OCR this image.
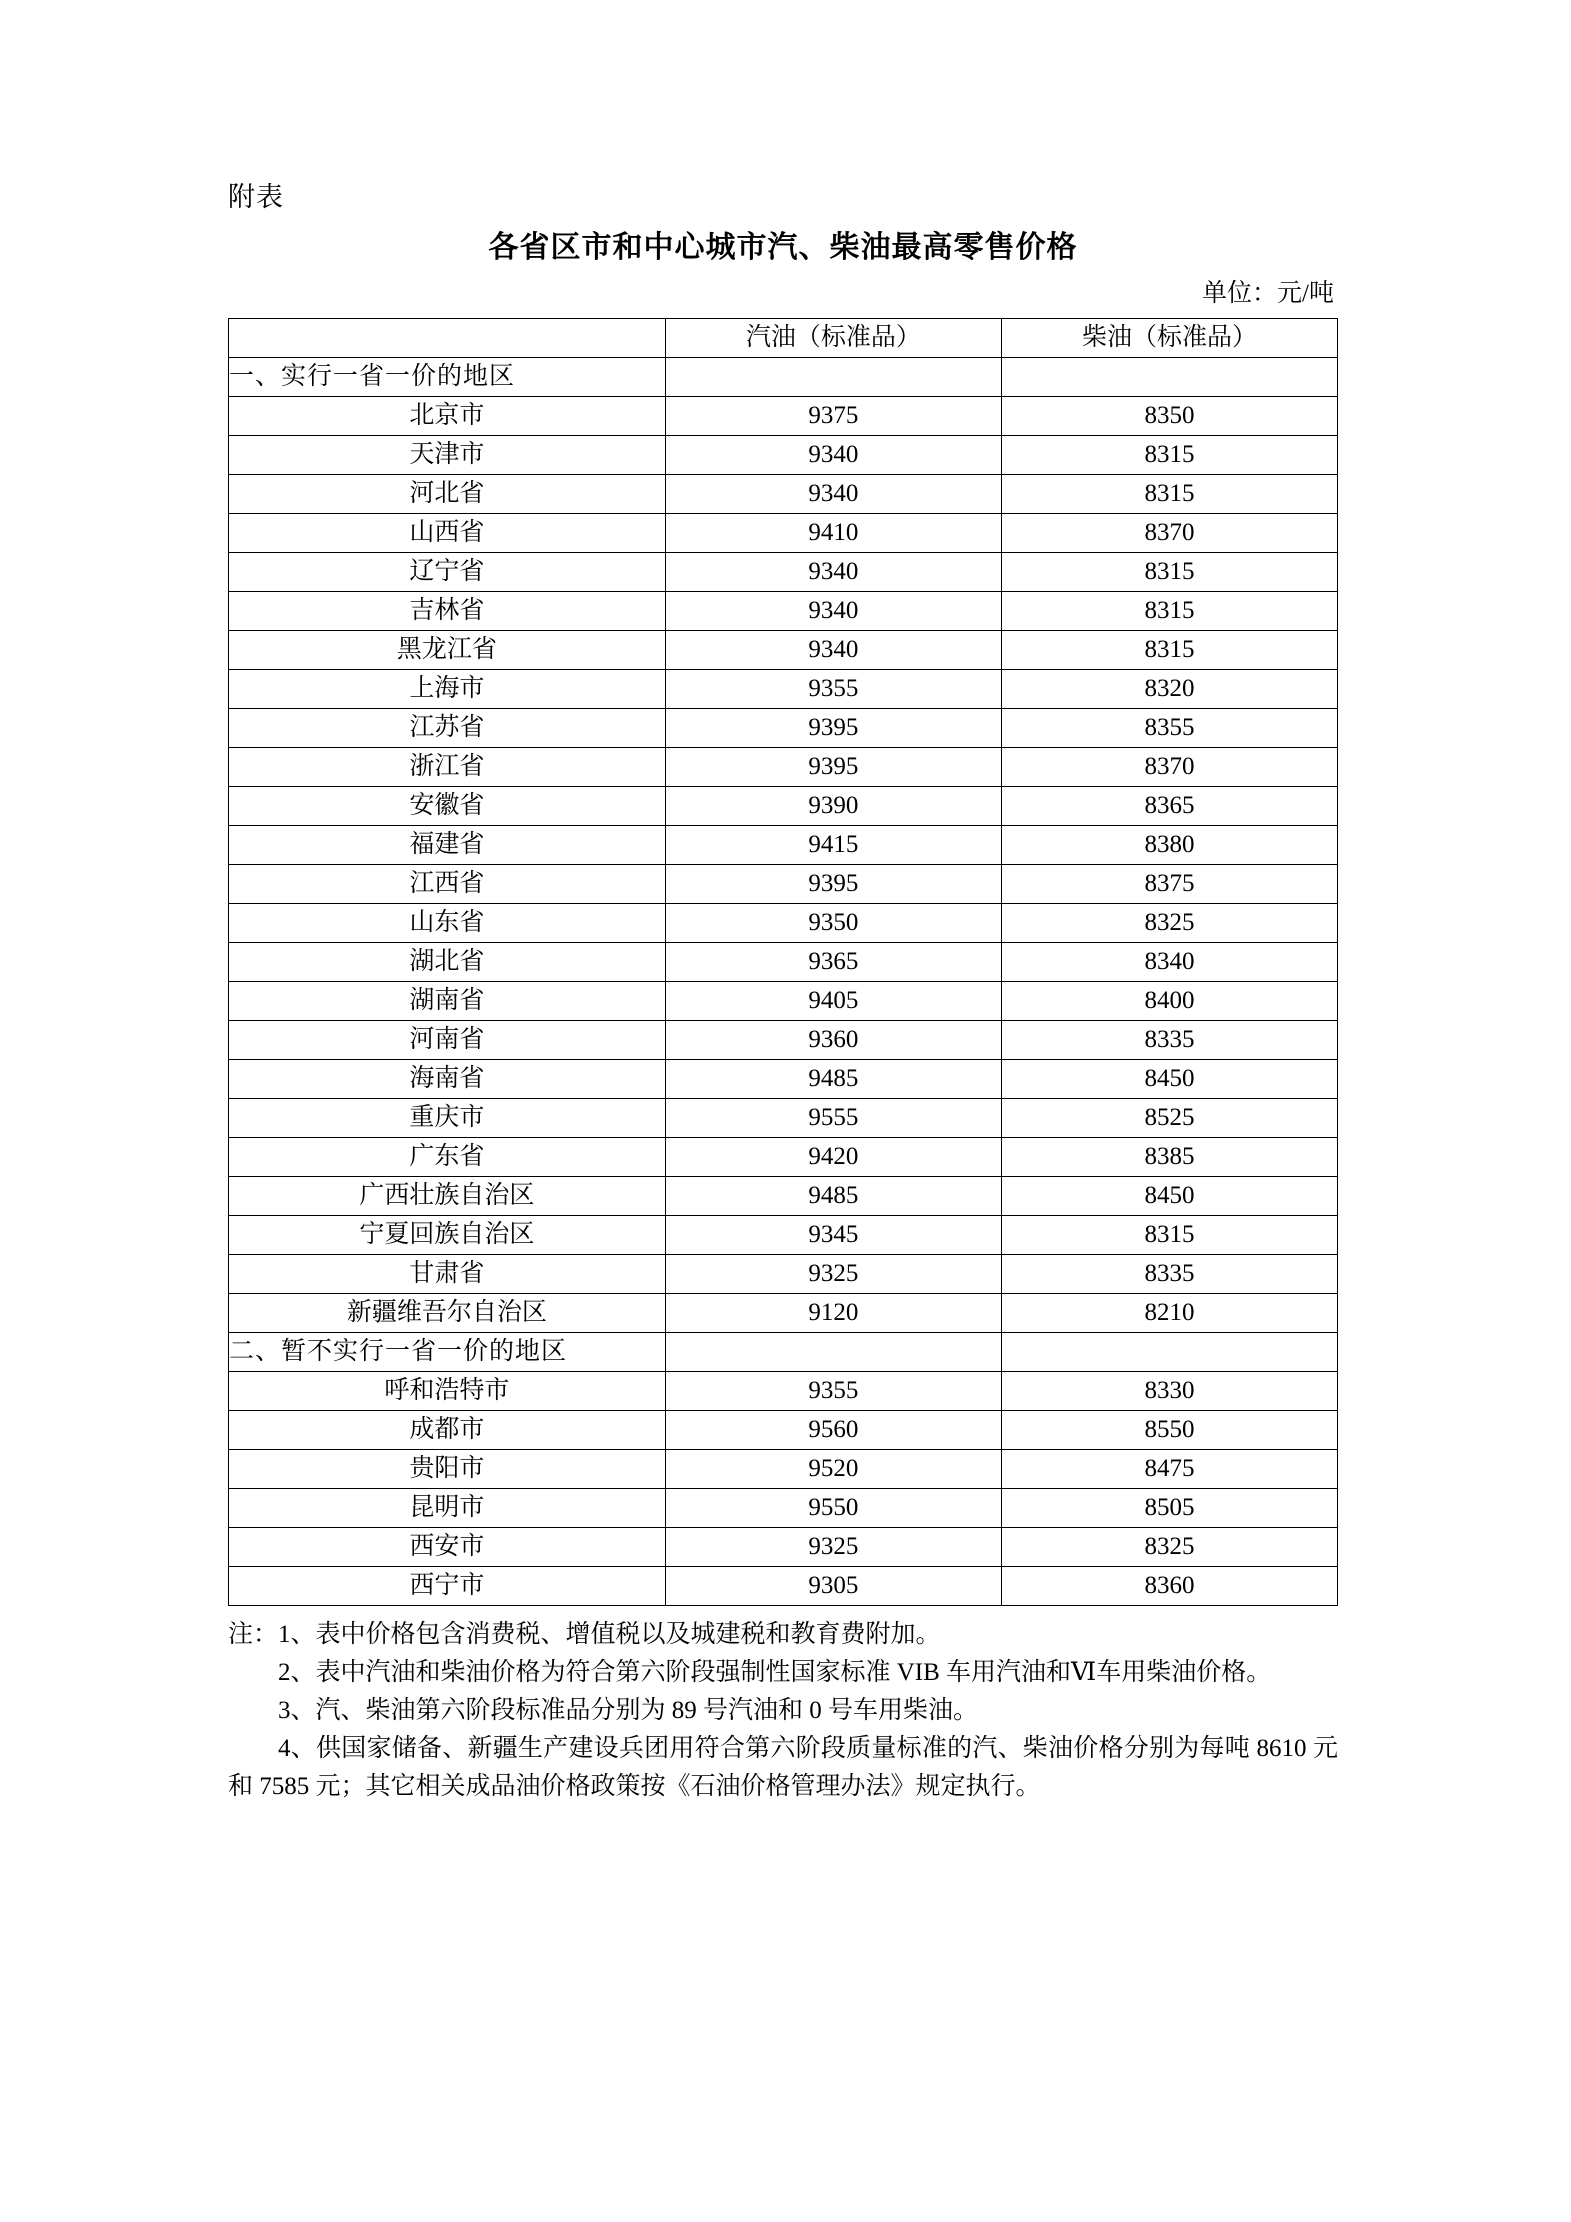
附表
各省区市和中心城市汽、柴油最高零售价格
单位：元/吨
	汽油（标准品）	柴油（标准品）
一、实行一省一价的地区		
北京市	9375	8350
天津市	9340	8315
河北省	9340	8315
山西省	9410	8370
辽宁省	9340	8315
吉林省	9340	8315
黑龙江省	9340	8315
上海市	9355	8320
江苏省	9395	8355
浙江省	9395	8370
安徽省	9390	8365
福建省	9415	8380
江西省	9395	8375
山东省	9350	8325
湖北省	9365	8340
湖南省	9405	8400
河南省	9360	8335
海南省	9485	8450
重庆市	9555	8525
广东省	9420	8385
广西壮族自治区	9485	8450
宁夏回族自治区	9345	8315
甘肃省	9325	8335
新疆维吾尔自治区	9120	8210
二、暂不实行一省一价的地区		
呼和浩特市	9355	8330
成都市	9560	8550
贵阳市	9520	8475
昆明市	9550	8505
西安市	9325	8325
西宁市	9305	8360

注：1、表中价格包含消费税、增值税以及城建税和教育费附加。

2、表中汽油和柴油价格为符合第六阶段强制性国家标准 VIB 车用汽油和Ⅵ车用柴油价格。

3、汽、柴油第六阶段标准品分别为 89 号汽油和 0 号车用柴油。

4、供国家储备、新疆生产建设兵团用符合第六阶段质量标准的汽、柴油价格分别为每吨 8610 元和 7585 元；其它相关成品油价格政策按《石油价格管理办法》规定执行。
